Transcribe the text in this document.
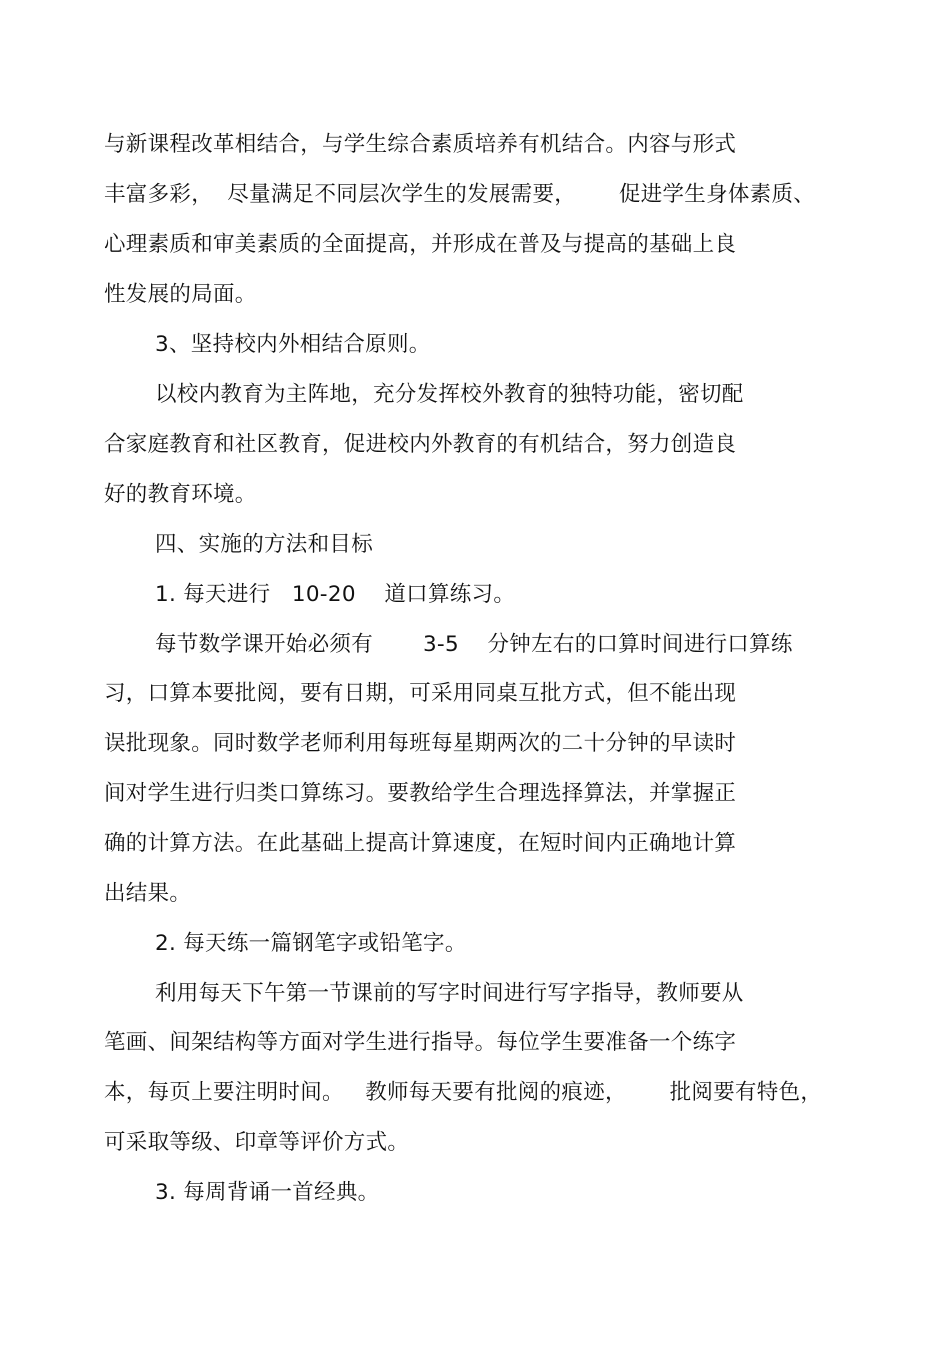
与新课程改革相结合，与学生综合素质培养有机结合。内容与形式
丰富多彩，  尽量满足不同层次学生的发展需要，      促进学生身体素质、
心理素质和审美素质的全面提高，并形成在普及与提高的基础上良
性发展的局面。
3、坚持校内外相结合原则。
以校内教育为主阵地，充分发挥校外教育的独特功能，密切配
合家庭教育和社区教育，促进校内外教育的有机结合，努力创造良
好的教育环境。
四、实施的方法和目标
1. 每天进行   10-20    道口算练习。
每节数学课开始必须有       3-5    分钟左右的口算时间进行口算练
习，口算本要批阅，要有日期，可采用同桌互批方式，但不能出现
误批现象。同时数学老师利用每班每星期两次的二十分钟的早读时
间对学生进行归类口算练习。要教给学生合理选择算法，并掌握正
确的计算方法。在此基础上提高计算速度，在短时间内正确地计算
出结果。
2. 每天练一篇钢笔字或铅笔字。
利用每天下午第一节课前的写字时间进行写字指导，教师要从
笔画、间架结构等方面对学生进行指导。每位学生要准备一个练字
本，每页上要注明时间。   教师每天要有批阅的痕迹，      批阅要有特色，
可采取等级、印章等评价方式。
3. 每周背诵一首经典。
